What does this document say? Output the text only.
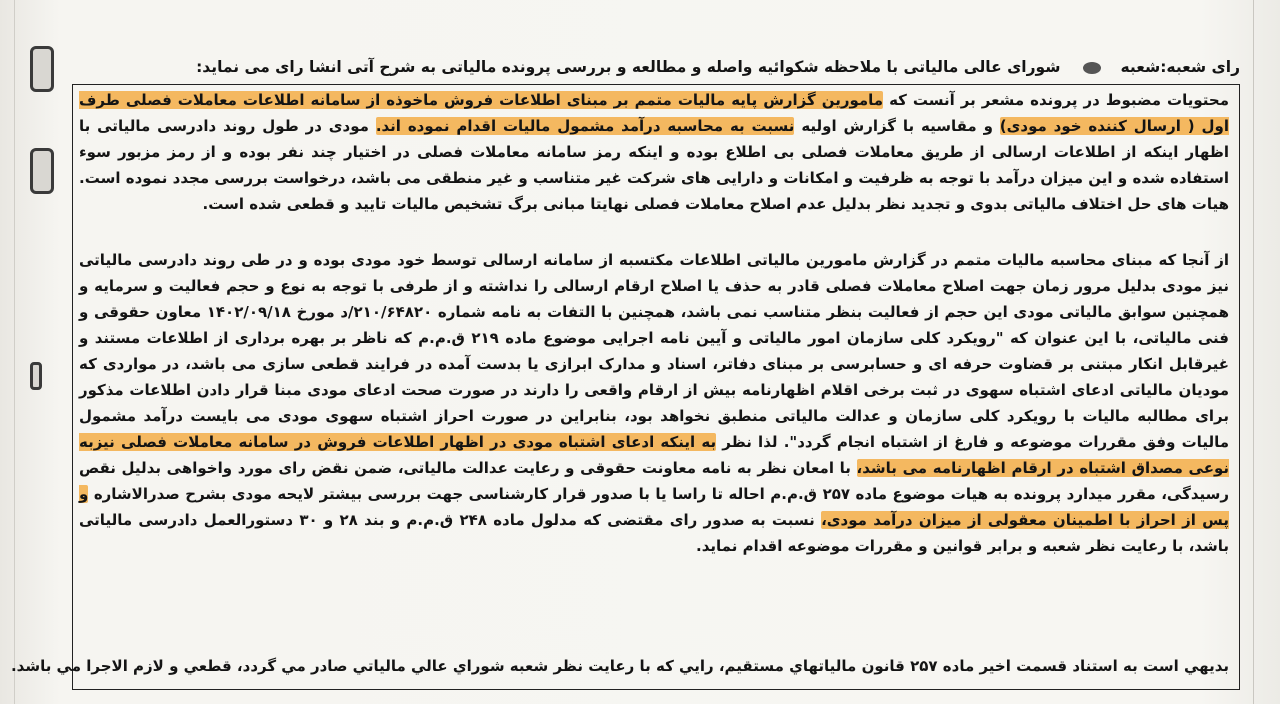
رای شعبه:شعبهشورای عالی مالیاتی با ملاحظه شکوائیه واصله و مطالعه و بررسی پرونده مالیاتی به شرح آتی انشا رای می نماید:
محتویات مضبوط در پرونده مشعر بر آنست که مامورین گزارش پایه مالیات متمم بر مبنای اطلاعات فروش ماخوذه از سامانه اطلاعات معاملات فصلی طرف اول ( ارسال کننده خود مودی) و مقاسیه با گزارش اولیه نسبت به محاسبه درآمد مشمول مالیات اقدام نموده اند. مودی در طول روند دادرسی مالیاتی با اظهار اینکه از اطلاعات ارسالی از طریق معاملات فصلی بی اطلاع بوده و اینکه رمز سامانه معاملات فصلی در اختیار چند نفر بوده و از رمز مزبور سوء استفاده شده و این میزان درآمد با توجه به ظرفیت و امکانات و دارایی های شرکت غیر متناسب و غیر منطقی می باشد، درخواست بررسی مجدد نموده است. هیات های حل اختلاف مالیاتی بدوی و تجدید نظر بدلیل عدم اصلاح معاملات فصلی نهایتا مبانی برگ تشخیص مالیات تایید و قطعی شده است.
از آنجا که مبنای محاسبه مالیات متمم در گزارش مامورین مالیاتی اطلاعات مکتسبه از سامانه ارسالی توسط خود مودی بوده و در طی روند دادرسی مالیاتی نیز مودی بدلیل مرور زمان جهت اصلاح معاملات فصلی قادر به حذف یا اصلاح ارقام ارسالی را نداشته و از طرفی با توجه به نوع و حجم فعالیت و سرمایه و همچنین سوابق مالیاتی مودی این حجم از فعالیت بنظر متناسب نمی باشد، همچنین با التفات به نامه شماره ۲۱۰/۶۴۸۲۰/د مورخ ۱۴۰۲/۰۹/۱۸ معاون حقوقی و فنی مالیاتی، با این عنوان که "رویکرد کلی سازمان امور مالیاتی و آیین نامه اجرایی موضوع ماده ۲۱۹ ق.م.م که ناظر بر بهره برداری از اطلاعات مستند و غیرقابل انکار مبتنی بر قضاوت حرفه ای و حسابرسی بر مبنای دفاتر، اسناد و مدارک ابرازی یا بدست آمده در فرایند قطعی سازی می باشد، در مواردی که مودیان مالیاتی ادعای اشتباه سهوی در ثبت برخی اقلام اظهارنامه بیش از ارقام واقعی را دارند در صورت صحت ادعای مودی مبنا قرار دادن اطلاعات مذکور برای مطالبه مالیات با رویکرد کلی سازمان و عدالت مالیاتی منطبق نخواهد بود، بنابراین در صورت احراز اشتباه سهوی مودی می بایست درآمد مشمول مالیات وفق مقررات موضوعه و فارغ از اشتباه انجام گردد". لذا نظر به اینکه ادعای اشتباه مودی در اظهار اطلاعات فروش در سامانه معاملات فصلی نیزبه نوعی مصداق اشتباه در ارقام اظهارنامه می باشد، با امعان نظر به نامه معاونت حقوقی و رعایت عدالت مالیاتی، ضمن نقض رای مورد واخواهی بدلیل نقص رسیدگی، مقرر میدارد پرونده به هیات موضوع ماده ۲۵۷ ق.م.م احاله تا راسا یا با صدور قرار کارشناسی جهت بررسی بیشتر لایحه مودی بشرح صدرالاشاره و پس از احراز با اطمینان معقولی از میزان درآمد مودی، نسبت به صدور رای مقتضی که مدلول ماده ۲۴۸ ق.م.م و بند ۲۸ و ۳۰ دستورالعمل دادرسی مالیاتی باشد، با رعایت نظر شعبه و برابر قوانین و مقررات موضوعه اقدام نماید.
بديهي است به استناد قسمت اخير ماده ۲۵۷ قانون مالياتهاي مستقيم، رايي كه با رعايت نظر شعبه شوراي عالي مالياتي صادر مي گردد، قطعي و لازم الاجرا مي باشد.
